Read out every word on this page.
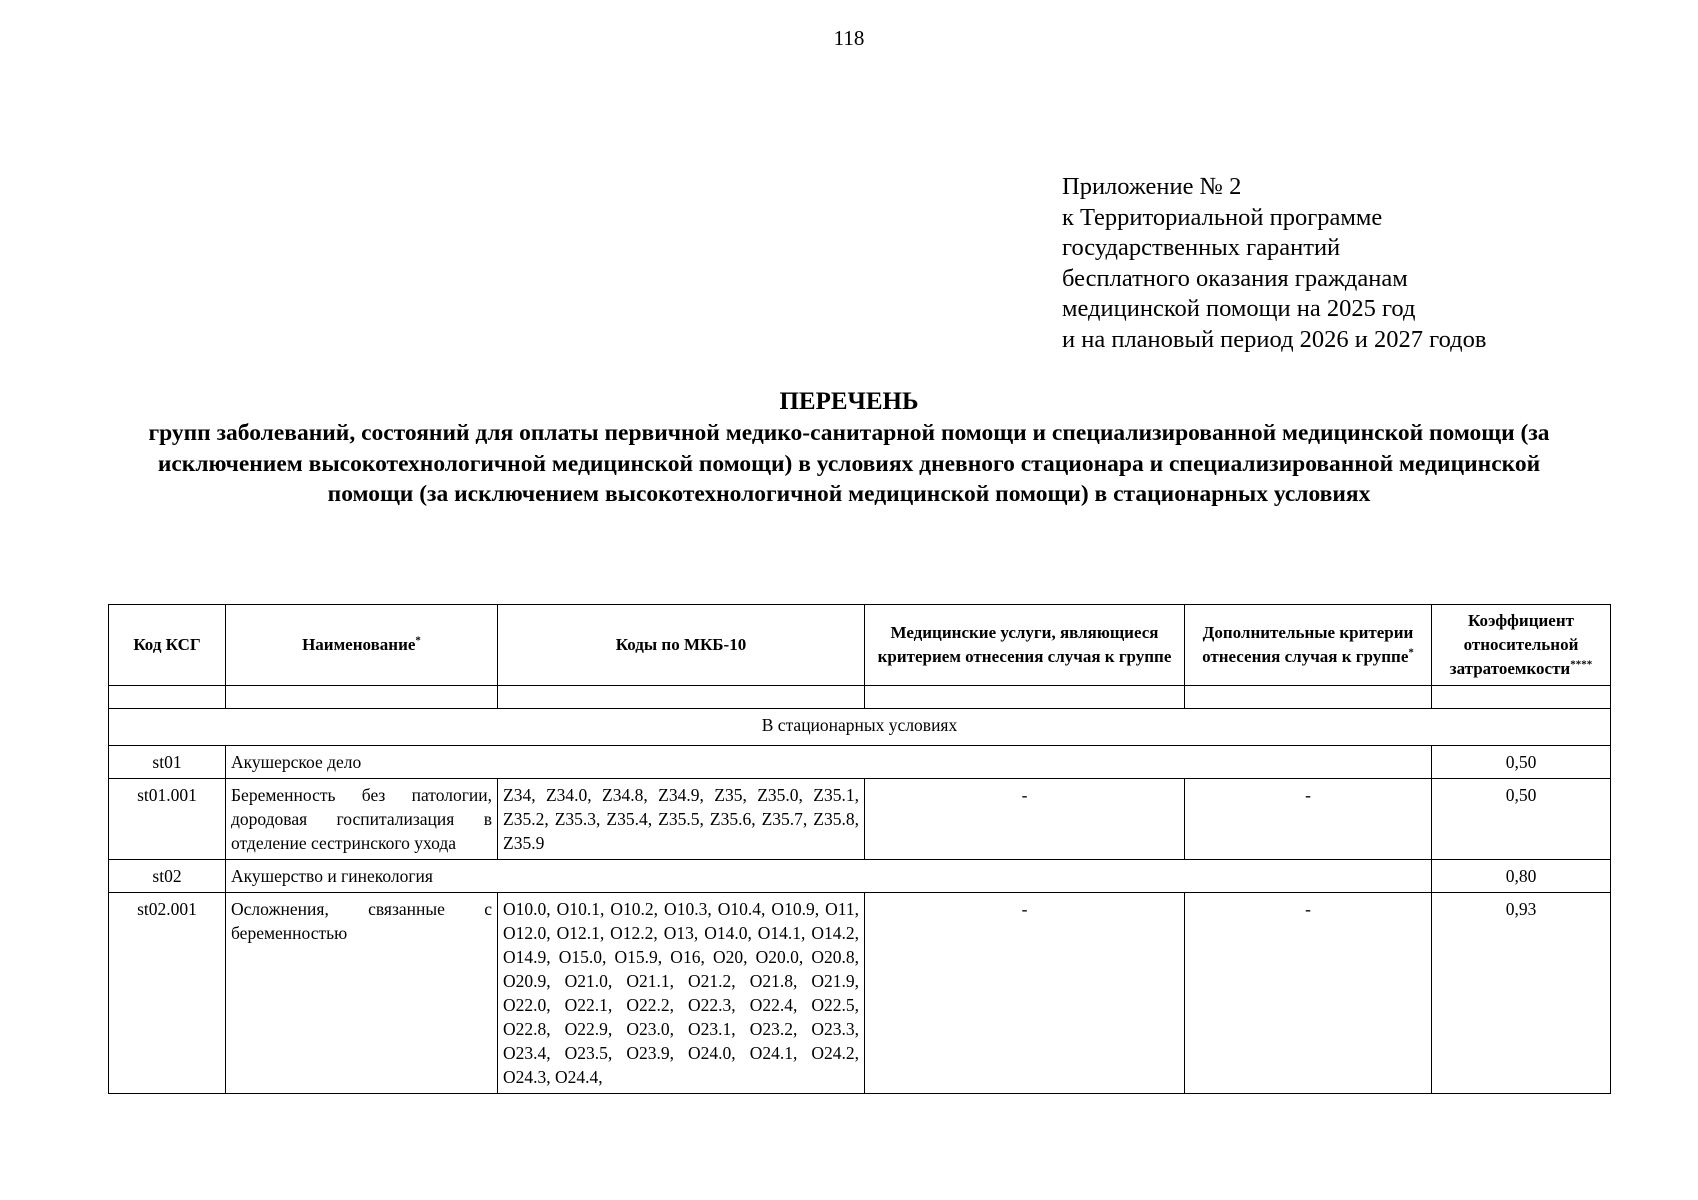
118
Приложение № 2
к Территориальной программе
государственных гарантий
бесплатного оказания гражданам
медицинской помощи на 2025 год
и на плановый период 2026 и 2027 годов
ПЕРЕЧЕНЬ
групп заболеваний, состояний для оплаты первичной медико-санитарной помощи и специализированной медицинской помощи (за исключением высокотехнологичной медицинской помощи) в условиях дневного стационара и специализированной медицинской помощи (за исключением высокотехнологичной медицинской помощи) в стационарных условиях
Код КСГ	Наименование*	Коды по МКБ-10	Медицинские услуги, являющиеся критерием отнесения случая к группе	Дополнительные критерии отнесения случая к группе*	Коэффициент относительной затратоемкости****

В стационарных условиях					
st01	Акушерское дело				0,50
st01.001	Беременность без патологии, дородовая госпитализация в отделение сестринского ухода	Z34, Z34.0, Z34.8, Z34.9, Z35, Z35.0, Z35.1, Z35.2, Z35.3, Z35.4, Z35.5, Z35.6, Z35.7, Z35.8, Z35.9	-	-	0,50
st02	Акушерство и гинекология				0,80
st02.001	Осложнения, связанные с беременностью	O10.0, O10.1, O10.2, O10.3, O10.4, O10.9, O11, O12.0, O12.1, O12.2, O13, O14.0, O14.1, O14.2, O14.9, O15.0, O15.9, O16, O20, O20.0, O20.8, O20.9, O21.0, O21.1, O21.2, O21.8, O21.9, O22.0, O22.1, O22.2, O22.3, O22.4, O22.5, O22.8, O22.9, O23.0, O23.1, O23.2, O23.3, O23.4, O23.5, O23.9, O24.0, O24.1, O24.2, O24.3, O24.4,	-	-	0,93
